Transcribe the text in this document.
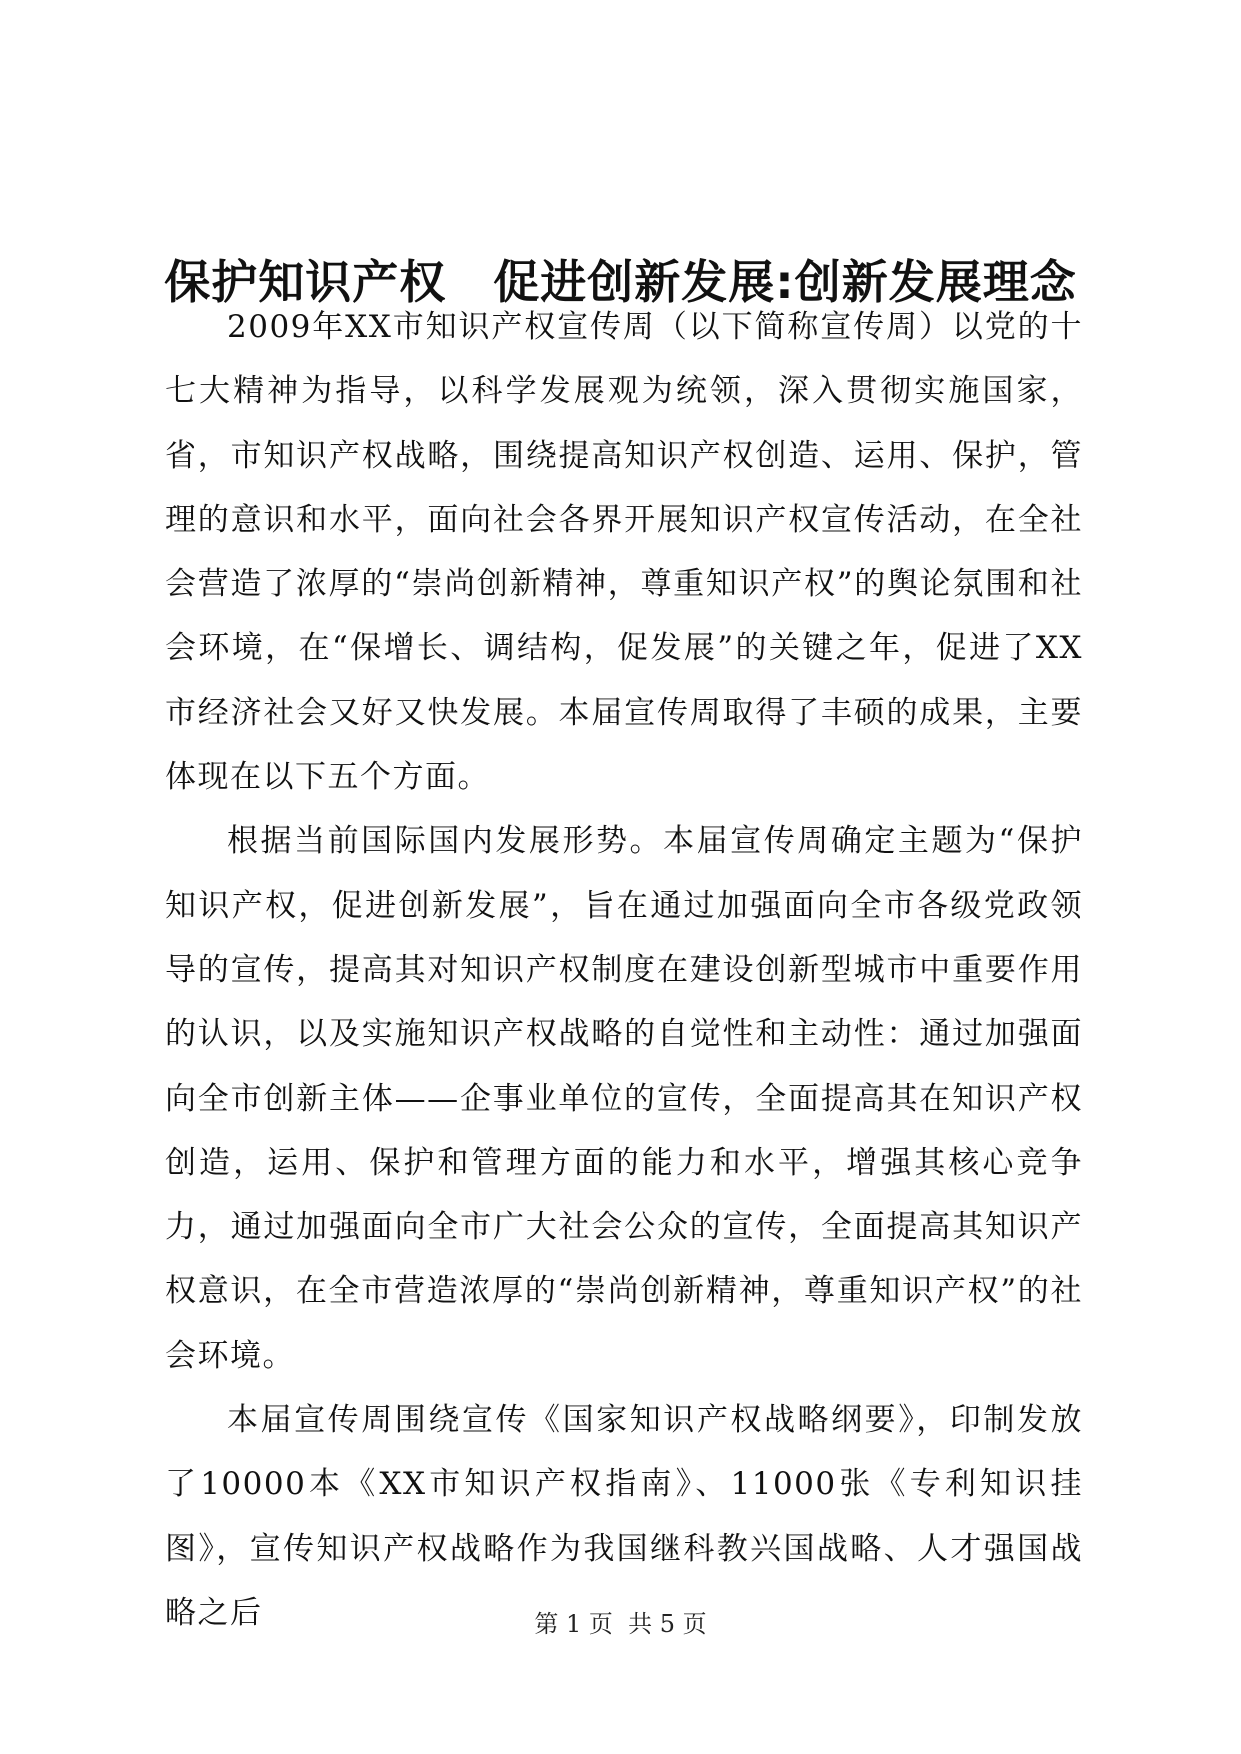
保护知识产权　促进创新发展:创新发展理念

2009年XX市知识产权宣传周（以下简称宣传周）以党的十七大精神为指导，以科学发展观为统领，深入贯彻实施国家，省，市知识产权战略，围绕提高知识产权创造、运用、保护，管理的意识和水平，面向社会各界开展知识产权宣传活动，在全社会营造了浓厚的“崇尚创新精神，尊重知识产权”的舆论氛围和社会环境，在“保增长、调结构，促发展”的关键之年，促进了XX市经济社会又好又快发展。本届宣传周取得了丰硕的成果，主要体现在以下五个方面。

根据当前国际国内发展形势。本届宣传周确定主题为“保护知识产权，促进创新发展”，旨在通过加强面向全市各级党政领导的宣传，提高其对知识产权制度在建设创新型城市中重要作用的认识，以及实施知识产权战略的自觉性和主动性：通过加强面向全市创新主体——企事业单位的宣传，全面提高其在知识产权创造，运用、保护和管理方面的能力和水平，增强其核心竞争力，通过加强面向全市广大社会公众的宣传，全面提高其知识产权意识，在全市营造浓厚的“崇尚创新精神，尊重知识产权”的社会环境。

本届宣传周围绕宣传《国家知识产权战略纲要》，印制发放了10000本《XX市知识产权指南》、11000张《专利知识挂图》，宣传知识产权战略作为我国继科教兴国战略、人才强国战略之后	第 1 页  共 5 页
